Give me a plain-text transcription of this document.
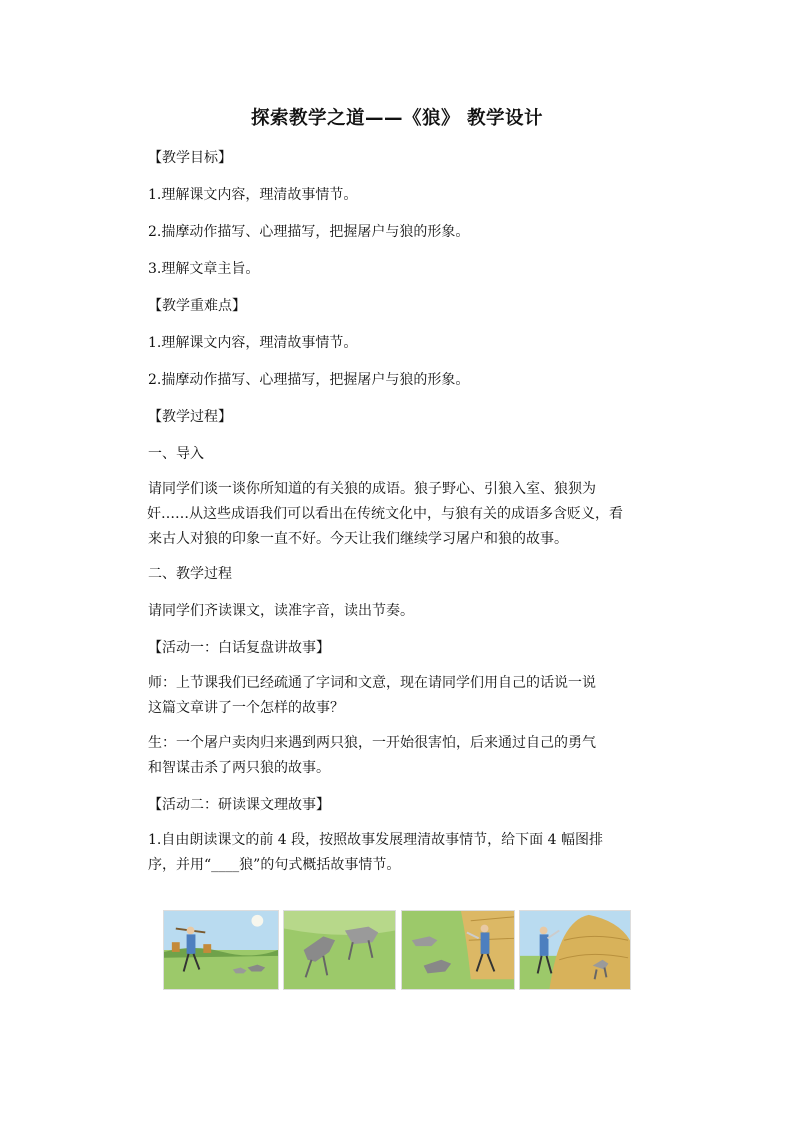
探索教学之道——《狼》 教学设计

【教学目标】

1.理解课文内容，理清故事情节。

2.揣摩动作描写、心理描写，把握屠户与狼的形象。

3.理解文章主旨。

【教学重难点】

1.理解课文内容，理清故事情节。

2.揣摩动作描写、心理描写，把握屠户与狼的形象。

【教学过程】

一、导入

请同学们谈一谈你所知道的有关狼的成语。狼子野心、引狼入室、狼狈为

奸……从这些成语我们可以看出在传统文化中，与狼有关的成语多含贬义，看

来古人对狼的印象一直不好。今天让我们继续学习屠户和狼的故事。

二、教学过程

请同学们齐读课文，读准字音，读出节奏。

【活动一：白话复盘讲故事】

师：上节课我们已经疏通了字词和文意，现在请同学们用自己的话说一说

这篇文章讲了一个怎样的故事？

生：一个屠户卖肉归来遇到两只狼，一开始很害怕，后来通过自己的勇气

和智谋击杀了两只狼的故事。

【活动二：研读课文理故事】

1.自由朗读课文的前 4 段，按照故事发展理清故事情节，给下面 4 幅图排

序，并用“____狼”的句式概括故事情节。
